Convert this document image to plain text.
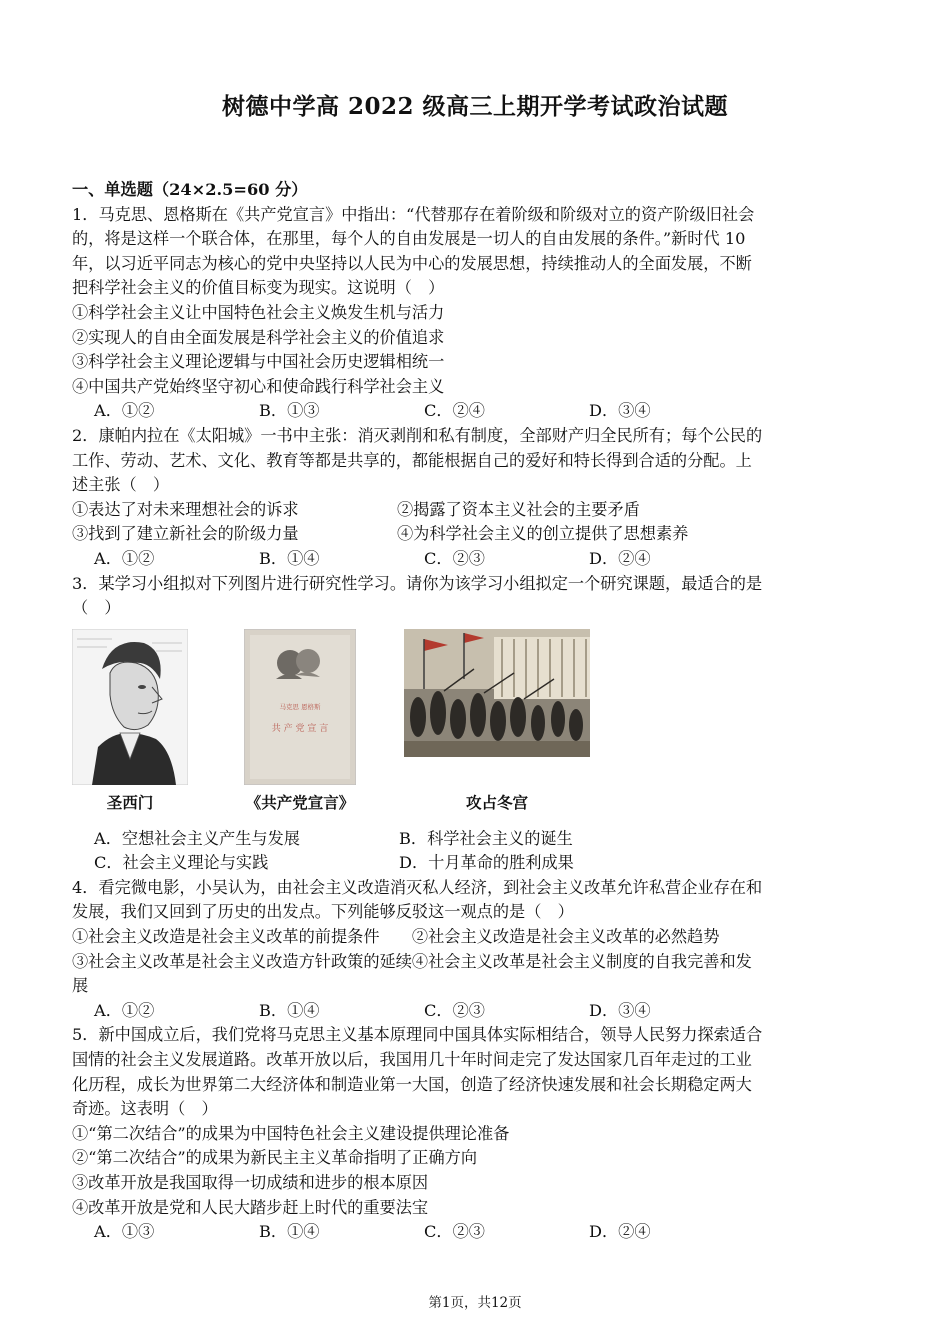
树德中学高 2022 级高三上期开学考试政治试题
一、单选题（24×2.5=60 分）
1．马克思、恩格斯在《共产党宣言》中指出：“代替那存在着阶级和阶级对立的资产阶级旧社会
的，将是这样一个联合体，在那里，每个人的自由发展是一切人的自由发展的条件。”新时代 10
年，以习近平同志为核心的党中央坚持以人民为中心的发展思想，持续推动人的全面发展，不断
把科学社会主义的价值目标变为现实。这说明（　）
①科学社会主义让中国特色社会主义焕发生机与活力
②实现人的自由全面发展是科学社会主义的价值追求
③科学社会主义理论逻辑与中国社会历史逻辑相统一
④中国共产党始终坚守初心和使命践行科学社会主义
A．①②	B．①③	C．②④	D．③④
2．康帕内拉在《太阳城》一书中主张：消灭剥削和私有制度，全部财产归全民所有；每个公民的
工作、劳动、艺术、文化、教育等都是共享的，都能根据自己的爱好和特长得到合适的分配。上
述主张（　）
①表达了对未来理想社会的诉求	②揭露了资本主义社会的主要矛盾
③找到了建立新社会的阶级力量	④为科学社会主义的创立提供了思想素养
A．①②	B．①④	C．②③	D．②④
3．某学习小组拟对下列图片进行研究性学习。请你为该学习小组拟定一个研究课题，最适合的是
（　）
圣西门
马克思 恩格斯
共 产 党 宣 言
《共产党宣言》	攻占冬宫
A．空想社会主义产生与发展	B．科学社会主义的诞生
C．社会主义理论与实践	D．十月革命的胜利成果
4．看完微电影，小吴认为，由社会主义改造消灭私人经济，到社会主义改革允许私营企业存在和
发展，我们又回到了历史的出发点。下列能够反驳这一观点的是（　）
①社会主义改造是社会主义改革的前提条件　　②社会主义改造是社会主义改革的必然趋势
③社会主义改革是社会主义改造方针政策的延续④社会主义改革是社会主义制度的自我完善和发
展
A．①②	B．①④	C．②③	D．③④
5．新中国成立后，我们党将马克思主义基本原理同中国具体实际相结合，领导人民努力探索适合
国情的社会主义发展道路。改革开放以后，我国用几十年时间走完了发达国家几百年走过的工业
化历程，成长为世界第二大经济体和制造业第一大国，创造了经济快速发展和社会长期稳定两大
奇迹。这表明（　）
①“第二次结合”的成果为中国特色社会主义建设提供理论准备
②“第二次结合”的成果为新民主主义革命指明了正确方向
③改革开放是我国取得一切成绩和进步的根本原因
④改革开放是党和人民大踏步赶上时代的重要法宝
A．①③	B．①④	C．②③	D．②④
第1页，共12页
